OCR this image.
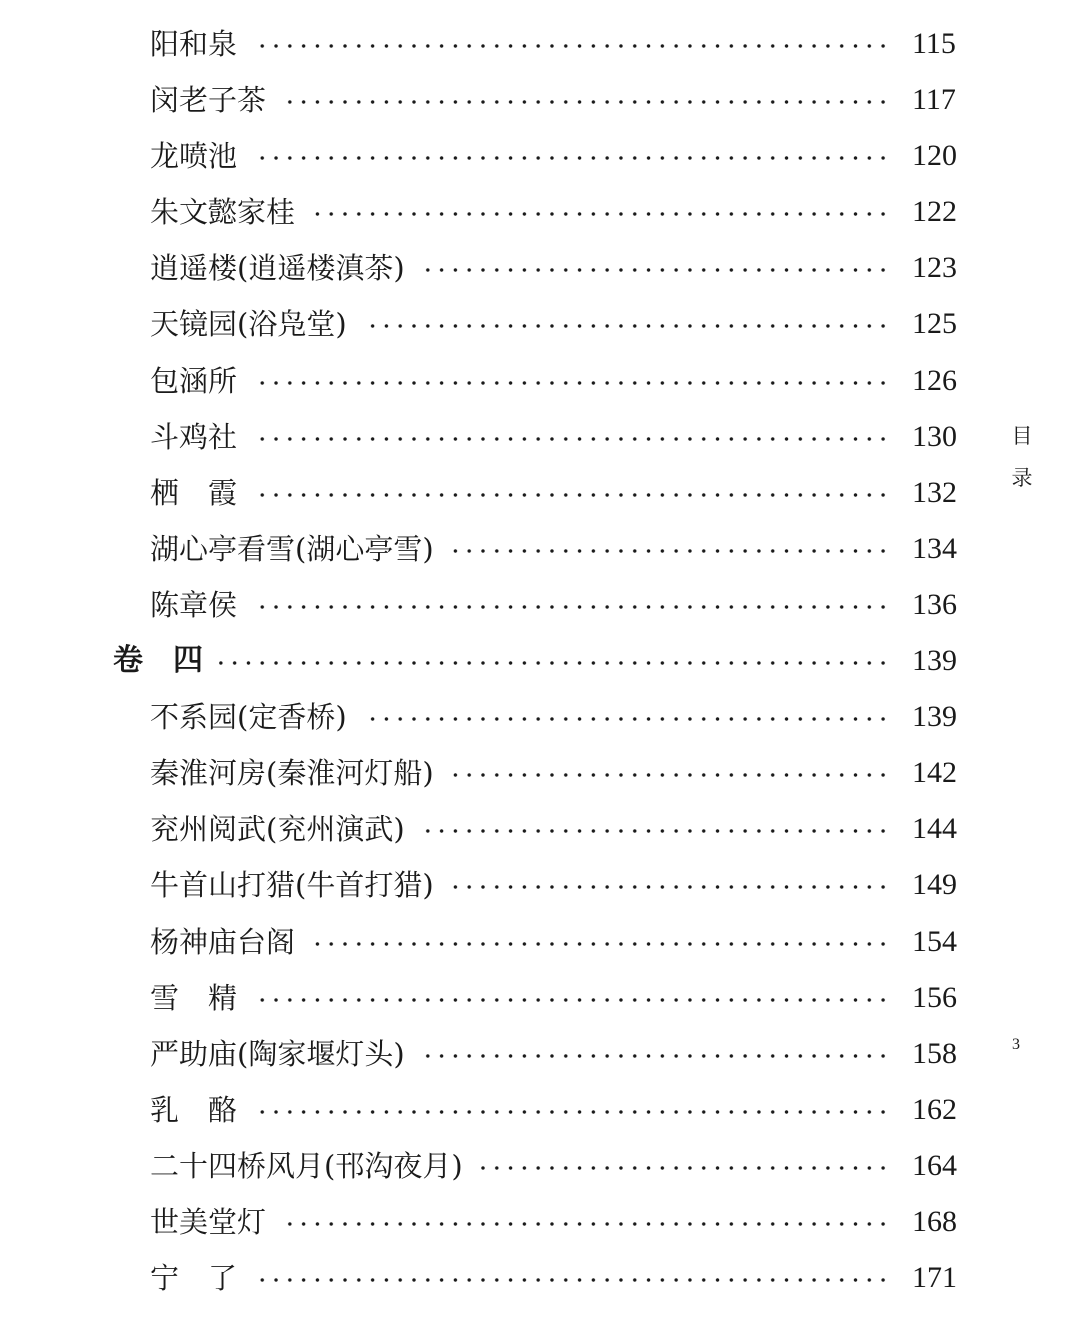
阳和泉	115
闵老子茶	117
龙喷池	120
朱文懿家桂	122
逍遥楼(逍遥楼滇茶)	123
天镜园(浴凫堂)	125
包涵所	126
斗鸡社	130
栖　霞	132
湖心亭看雪(湖心亭雪)	134
陈章侯	136
卷　四	139
不系园(定香桥)	139
秦淮河房(秦淮河灯船)	142
兖州阅武(兖州演武)	144
牛首山打猎(牛首打猎)	149
杨神庙台阁	154
雪　精	156
严助庙(陶家堰灯头)	158
乳　酪	162
二十四桥风月(邗沟夜月)	164
世美堂灯	168
宁　了	171
目
录
3
